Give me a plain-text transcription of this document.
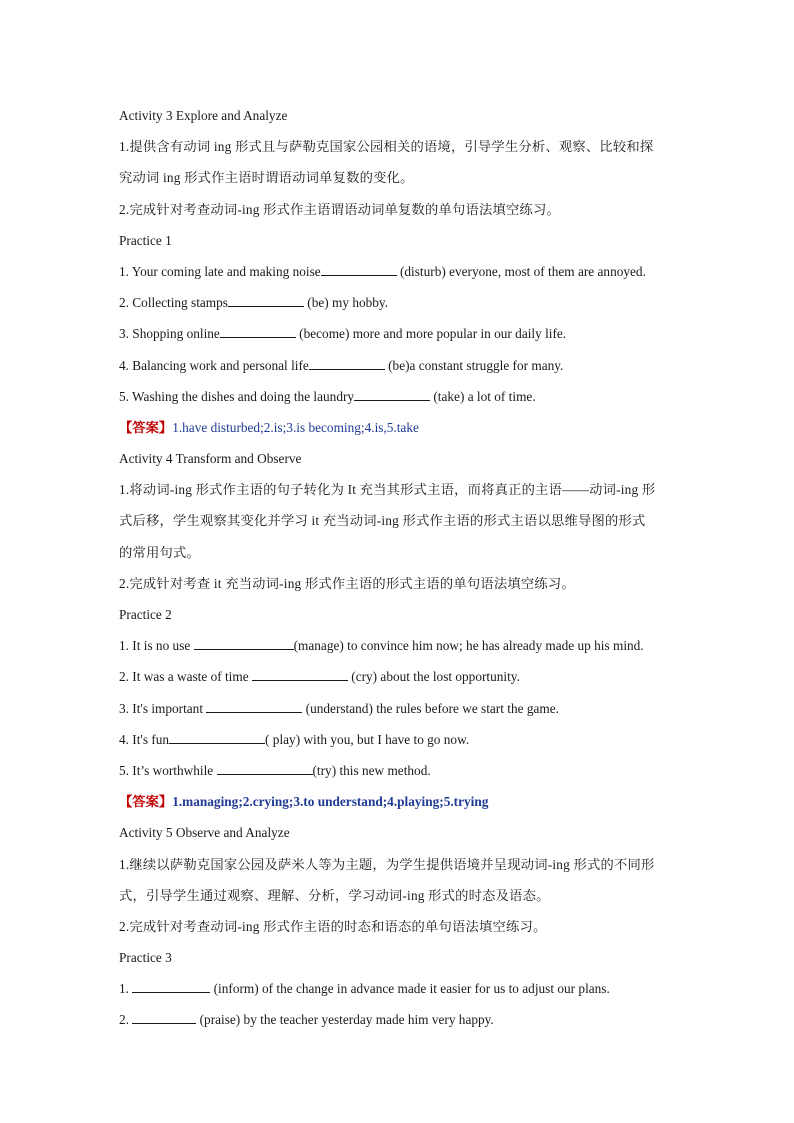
Activity 3 Explore and Analyze
1.提供含有动词 ing 形式且与萨勒克国家公园相关的语境，引导学生分析、观察、比较和探
究动词 ing 形式作主语时谓语动词单复数的变化。
2.完成针对考查动词-ing 形式作主语谓语动词单复数的单句语法填空练习。
Practice 1
1. Your coming late and making noise	(disturb) everyone, most of them are annoyed.
2. Collecting stamps	(be) my hobby.
3. Shopping online	(become) more and more popular in our daily life.
4. Balancing work and personal life	(be)a constant struggle for many.
5. Washing the dishes and doing the laundry	(take) a lot of time.
【答案】1.have disturbed;2.is;3.is becoming;4.is,5.take
Activity 4 Transform and Observe
1.将动词-ing 形式作主语的句子转化为 It 充当其形式主语，而将真正的主语——动词-ing 形
式后移，学生观察其变化并学习 it 充当动词-ing 形式作主语的形式主语以思维导图的形式
的常用句式。
2.完成针对考查 it 充当动词-ing 形式作主语的形式主语的单句语法填空练习。
Practice 2
1. It is no use	(manage) to convince him now; he has already made up his mind.
2. It was a waste of time	(cry) about the lost opportunity.
3. It's important	(understand) the rules before we start the game.
4. It's fun	( play) with you, but I have to go now.
5. It’s worthwhile	(try) this new method.
【答案】1.managing;2.crying;3.to understand;4.playing;5.trying
Activity 5 Observe and Analyze
1.继续以萨勒克国家公园及萨米人等为主题，为学生提供语境并呈现动词-ing 形式的不同形
式，引导学生通过观察、理解、分析，学习动词-ing 形式的时态及语态。
2.完成针对考查动词-ing 形式作主语的时态和语态的单句语法填空练习。
Practice 3
1.	(inform) of the change in advance made it easier for us to adjust our plans.
2.	(praise) by the teacher yesterday made him very happy.
